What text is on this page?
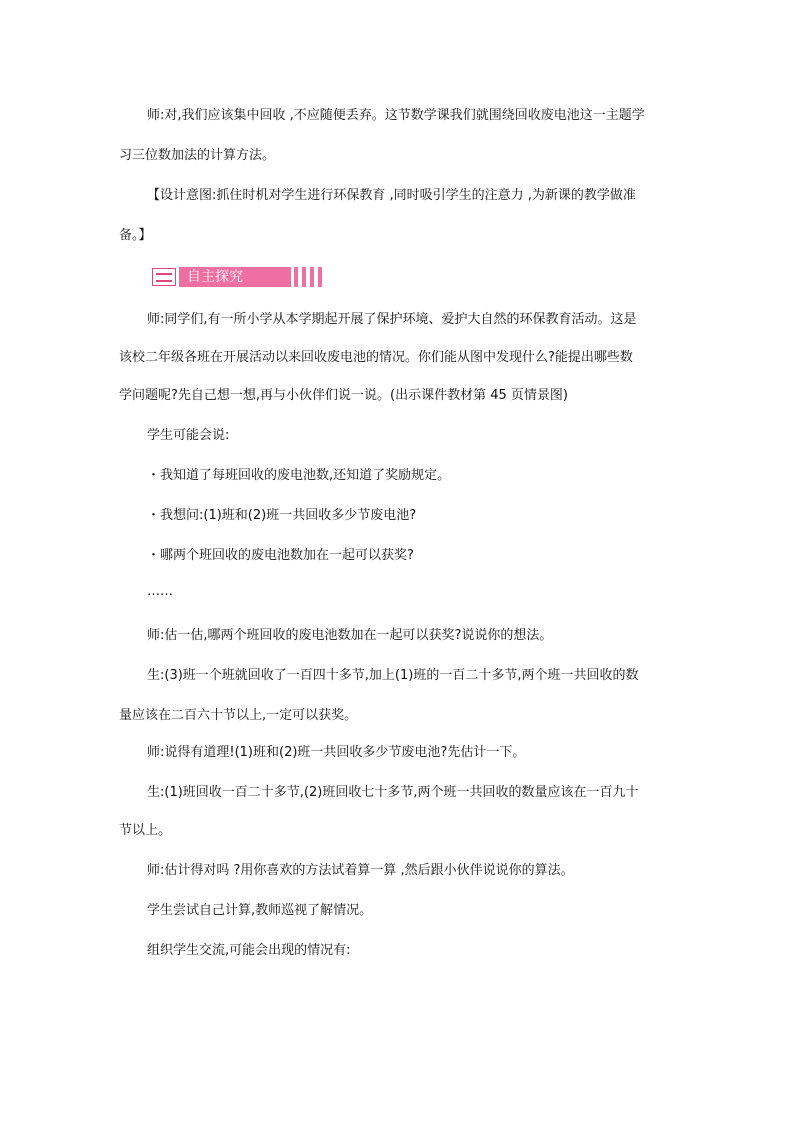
师:对,我们应该集中回收 ,不应随便丢弃。这节数学课我们就围绕回收废电池这一主题学
习三位数加法的计算方法。
【设计意图:抓住时机对学生进行环保教育 ,同时吸引学生的注意力 ,为新课的教学做准
备。】
自主探究
师:同学们,有一所小学从本学期起开展了保护环境、爱护大自然的环保教育活动。这是
该校二年级各班在开展活动以来回收废电池的情况。你们能从图中发现什么?能提出哪些数
学问题呢?先自己想一想,再与小伙伴们说一说。(出示课件教材第 45 页情景图)
学生可能会说:
・我知道了每班回收的废电池数,还知道了奖励规定。
・我想问:(1)班和(2)班一共回收多少节废电池?
・哪两个班回收的废电池数加在一起可以获奖?
……
师:估一估,哪两个班回收的废电池数加在一起可以获奖?说说你的想法。
生:(3)班一个班就回收了一百四十多节,加上(1)班的一百二十多节,两个班一共回收的数
量应该在二百六十节以上,一定可以获奖。
师:说得有道理!(1)班和(2)班一共回收多少节废电池?先估计一下。
生:(1)班回收一百二十多节,(2)班回收七十多节,两个班一共回收的数量应该在一百九十
节以上。
师:估计得对吗 ?用你喜欢的方法试着算一算 ,然后跟小伙伴说说你的算法。
学生尝试自己计算,教师巡视了解情况。
组织学生交流,可能会出现的情况有:
